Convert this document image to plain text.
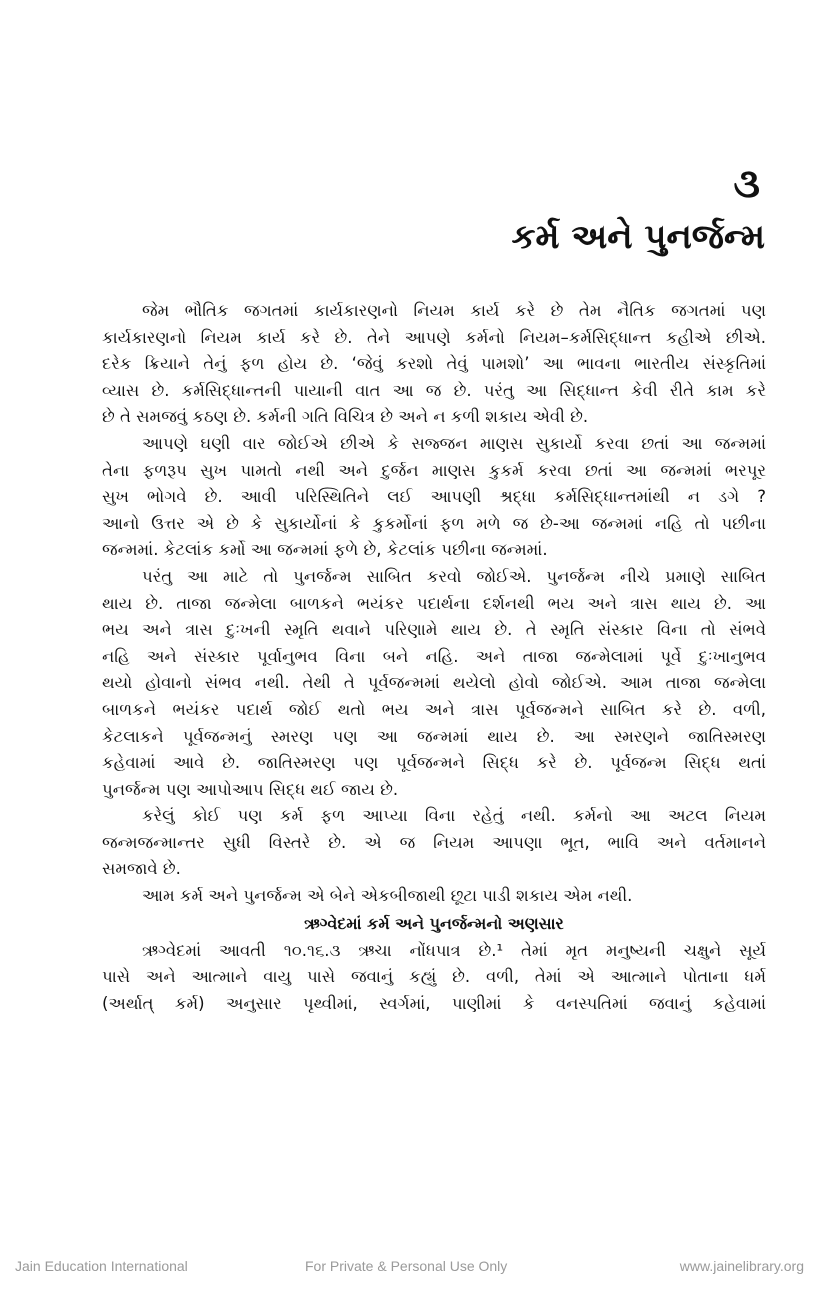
૩
કર્મ અને પુનર્જન્મ
જેમ ભૌતિક જગતમાં કાર્યકારણનો નિયમ કાર્ય કરે છે તેમ નૈતિક જગતમાં પણ
કાર્યકારણનો નિયમ કાર્ય કરે છે. તેને આપણે કર્મનો નિયમ–કર્મસિદ્ધાન્ત કહીએ છીએ.
દરેક ક્રિયાને તેનું ફળ હોય છે. ‘જેવું કરશો તેવું પામશો’ આ ભાવના ભારતીય સંસ્કૃતિમાં
વ્યાસ છે. કર્મસિદ્ધાન્તની પાયાની વાત આ જ છે. પરંતુ આ સિદ્ધાન્ત કેવી રીતે કામ કરે
છે તે સમજવું કઠણ છે. કર્મની ગતિ વિચિત્ર છે અને ન કળી શકાય એવી છે.
આપણે ઘણી વાર જોઈએ છીએ કે સજ્જન માણસ સુકાર્યો કરવા છતાં આ જન્મમાં
તેના ફળરૂપ સુખ પામતો નથી અને દુર્જન માણસ કુકર્મ કરવા છતાં આ જન્મમાં ભરપૂર
સુખ ભોગવે છે. આવી પરિસ્થિતિને લઈ આપણી શ્રદ્ધા કર્મસિદ્ધાન્તમાંથી ન ડગે ?
આનો ઉત્તર એ છે કે સુકાર્યોનાં કે કુકર્મોનાં ફળ મળે જ છે-આ જન્મમાં નહિ તો પછીના
જન્મમાં. કેટલાંક કર્મો આ જન્મમાં ફળે છે, કેટલાંક પછીના જન્મમાં.
પરંતુ આ માટે તો પુનર્જન્મ સાબિત કરવો જોઈએ. પુનર્જન્મ નીચે પ્રમાણે સાબિત
થાય છે. તાજા જન્મેલા બાળકને ભયંકર પદાર્થના દર્શનથી ભય અને ત્રાસ થાય છે. આ
ભય અને ત્રાસ દુઃખની સ્મૃતિ થવાને પરિણામે થાય છે. તે સ્મૃતિ સંસ્કાર વિના તો સંભવે
નહિ અને સંસ્કાર પૂર્વાનુભવ વિના બને નહિ. અને તાજા જન્મેલામાં પૂર્વે દુઃખાનુભવ
થયો હોવાનો સંભવ નથી. તેથી તે પૂર્વજન્મમાં થયેલો હોવો જોઈએ. આમ તાજા જન્મેલા
બાળકને ભયંકર પદાર્થ જોઈ થતો ભય અને ત્રાસ પૂર્વજન્મને સાબિત કરે છે. વળી,
કેટલાકને પૂર્વજન્મનું સ્મરણ પણ આ જન્મમાં થાય છે. આ સ્મરણને જાતિસ્મરણ
કહેવામાં આવે છે. જાતિસ્મરણ પણ પૂર્વજન્મને સિદ્ધ કરે છે. પૂર્વજન્મ સિદ્ધ થતાં
પુનર્જન્મ પણ આપોઆપ સિદ્ધ થઈ જાય છે.
કરેલું કોઈ પણ કર્મ ફળ આપ્યા વિના રહેતું નથી. કર્મનો આ અટલ નિયમ
જન્મજન્માન્તર સુધી વિસ્તરે છે. એ જ નિયમ આપણા ભૂત, ભાવિ અને વર્તમાનને
સમજાવે છે.
આમ કર્મ અને પુનર્જન્મ એ બેને એકબીજાથી છૂટા પાડી શકાય એમ નથી.
ઋગ્વેદમાં કર્મ અને પુનર્જન્મનો અણસાર
ઋગ્વેદમાં આવતી ૧૦.૧૬.૩ ઋચા નોંધપાત્ર છે.¹ તેમાં મૃત મનુષ્યની ચક્ષુને સૂર્ય
પાસે અને આત્માને વાયુ પાસે જવાનું કહ્યું છે. વળી, તેમાં એ આત્માને પોતાના ધર્મ
(અર્થાત્ કર્મ) અનુસાર પૃથ્વીમાં, સ્વર્ગમાં, પાણીમાં કે વનસ્પતિમાં જવાનું કહેવામાં
Jain Education International	For Private & Personal Use Only	www.jainelibrary.org
